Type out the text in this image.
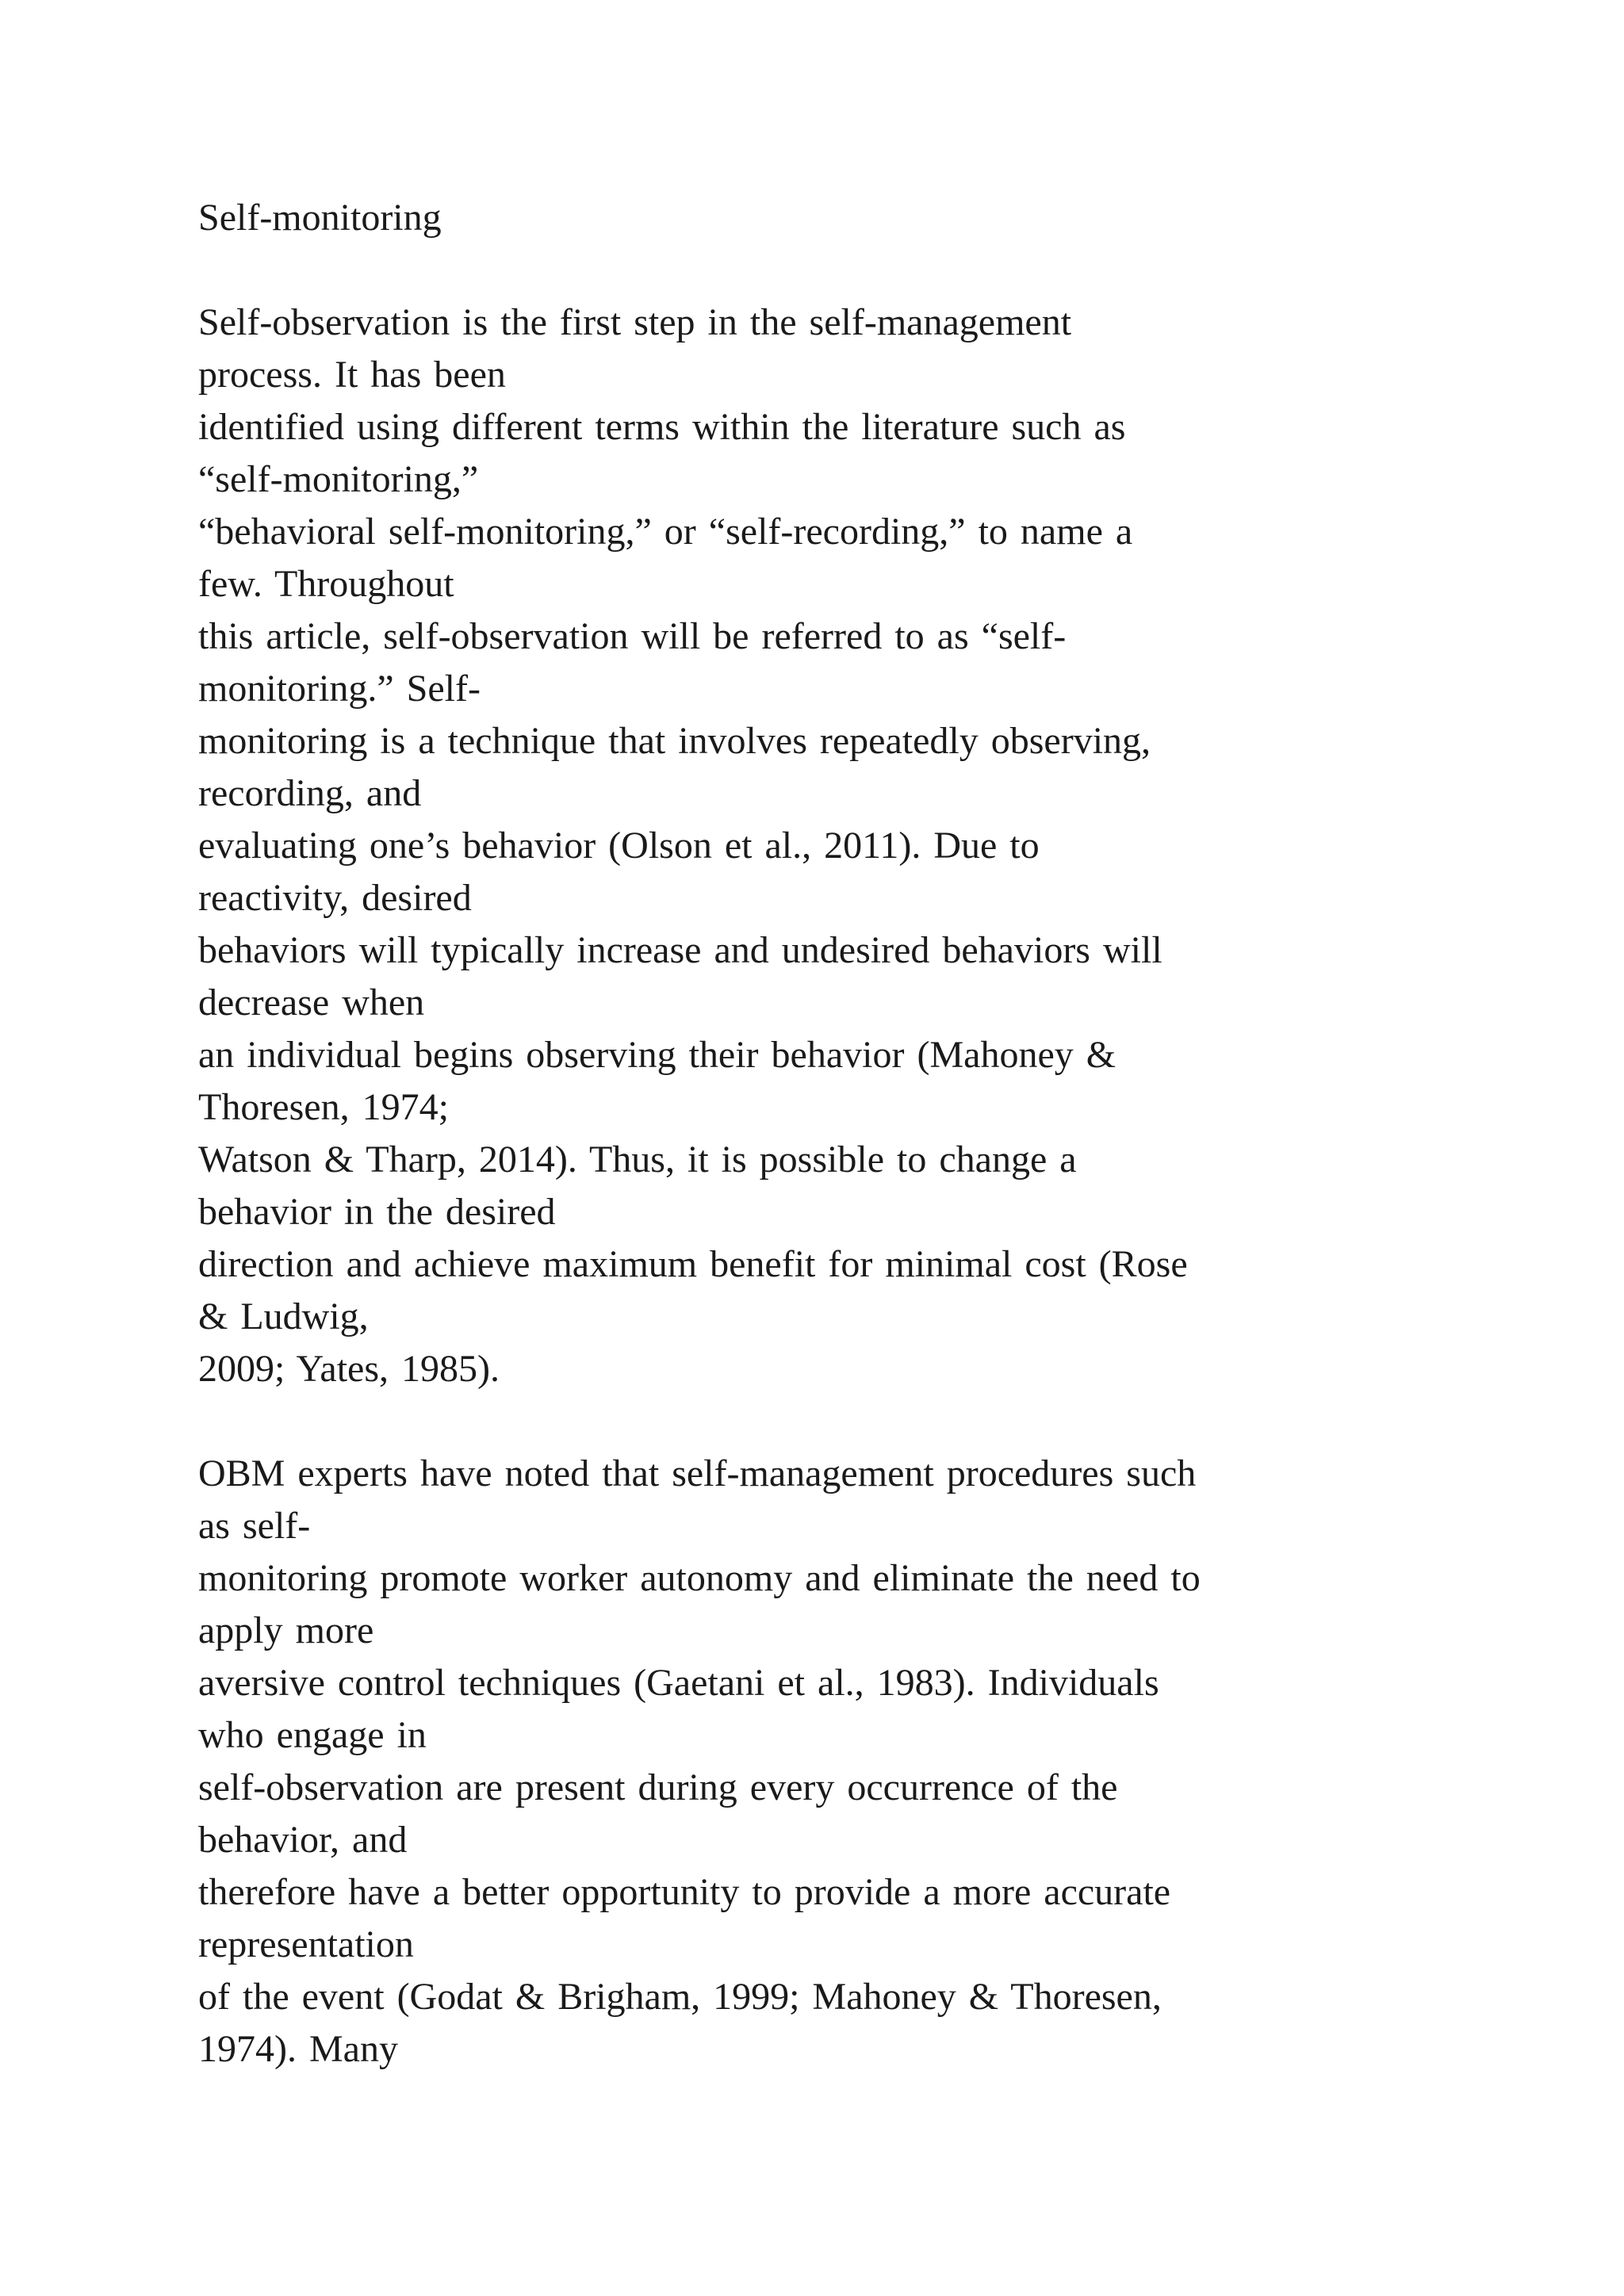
Self-monitoring
Self-observation is the first step in the self-management
process. It has been
identified using different terms within the literature such as
“self-monitoring,”
“behavioral self-monitoring,” or “self-recording,” to name a
few. Throughout
this article, self-observation will be referred to as “self-
monitoring.” Self-
monitoring is a technique that involves repeatedly observing,
recording, and
evaluating one’s behavior (Olson et al., 2011). Due to
reactivity, desired
behaviors will typically increase and undesired behaviors will
decrease when
an individual begins observing their behavior (Mahoney &
Thoresen, 1974;
Watson & Tharp, 2014). Thus, it is possible to change a
behavior in the desired
direction and achieve maximum benefit for minimal cost (Rose
& Ludwig,
2009; Yates, 1985).
OBM experts have noted that self-management procedures such
as self-
monitoring promote worker autonomy and eliminate the need to
apply more
aversive control techniques (Gaetani et al., 1983). Individuals
who engage in
self-observation are present during every occurrence of the
behavior, and
therefore have a better opportunity to provide a more accurate
representation
of the event (Godat & Brigham, 1999; Mahoney & Thoresen,
1974). Many
